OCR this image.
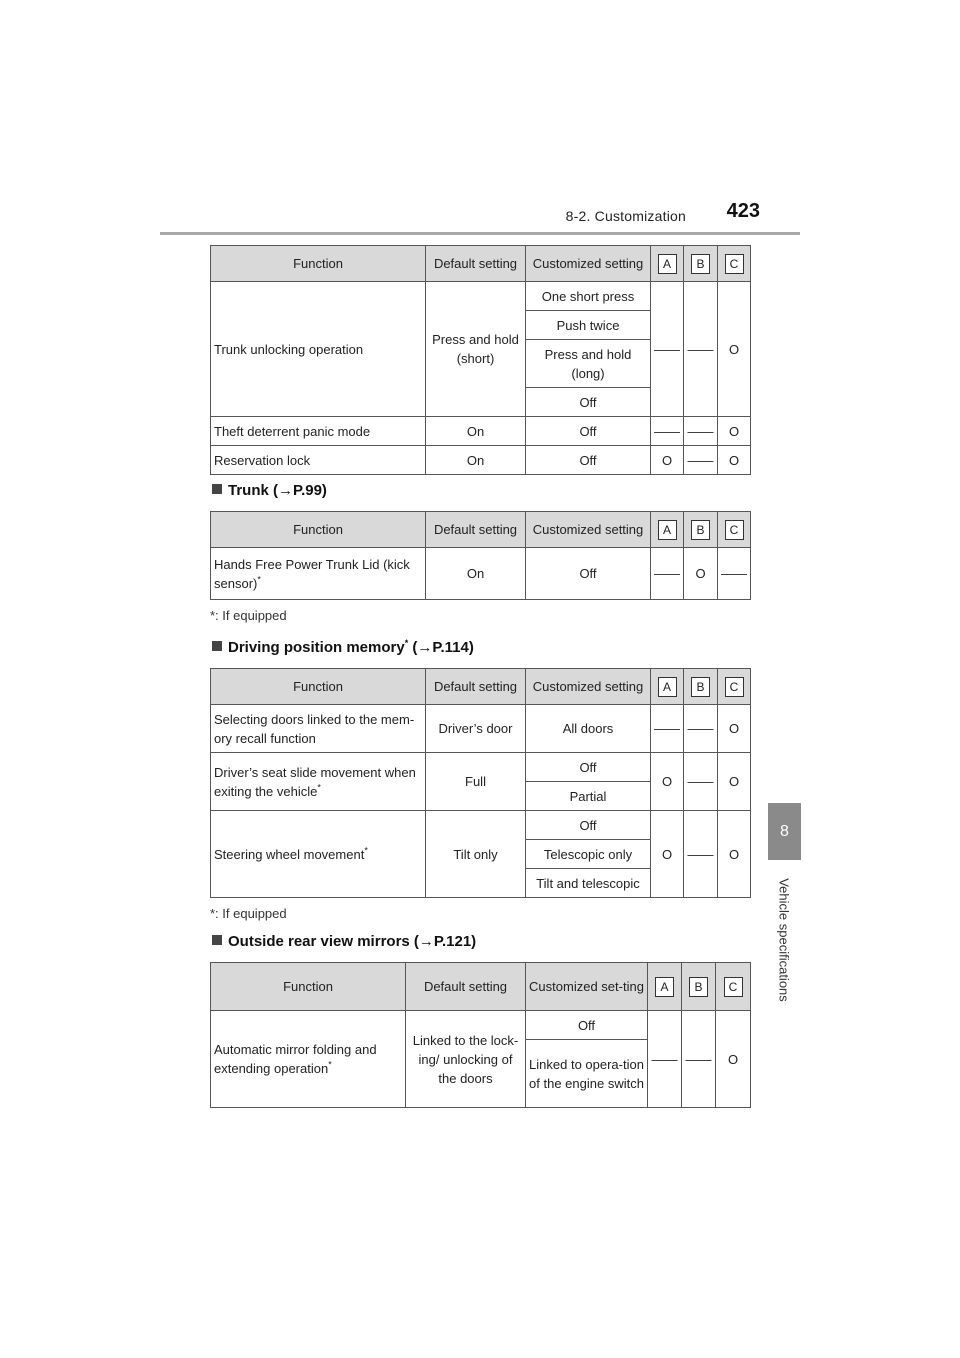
8-2. Customization	423
8
Vehicle specifications
Function	Default setting	Customized setting	A	B	C
Trunk unlocking operation	Press and hold (short)	One short press	——	——	O
		Push twice			
		Press and hold (long)			
		Off			
Theft deterrent panic mode	On	Off	——	——	O
Reservation lock	On	Off	O	——	O
Trunk (→P.99)
Function	Default setting	Customized setting	A	B	C
Hands Free Power Trunk Lid (kick sensor)*	On	Off	——	O	——
*: If equipped
Driving position memory* (→P.114)
Function	Default setting	Customized setting	A	B	C
Selecting doors linked to the mem-ory recall function	Driver’s door	All doors	——	——	O
Driver’s seat slide movement when exiting the vehicle*	Full	Off	O	——	O
		Partial			
Steering wheel movement*	Tilt only	Off	O	——	O
		Telescopic only			
		Tilt and telescopic			
*: If equipped
Outside rear view mirrors (→P.121)
Function	Default setting	Customized set-ting	A	B	C
Automatic mirror folding and extending operation*	Linked to the lock-ing/ unlocking of the doors	Off	——	——	O
		Linked to opera-tion of the engine switch			
